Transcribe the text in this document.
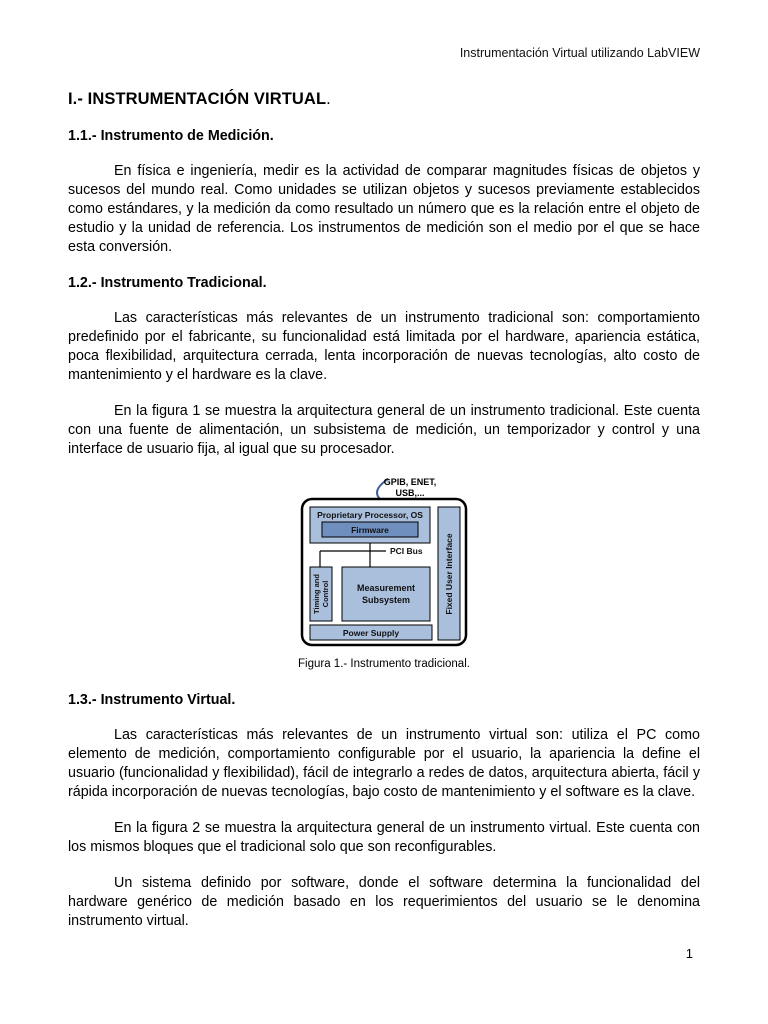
Instrumentación Virtual utilizando LabVIEW
I.- INSTRUMENTACIÓN VIRTUAL.
1.1.- Instrumento de Medición.

En física e ingeniería, medir es la actividad de comparar magnitudes físicas de objetos y sucesos del mundo real. Como unidades se utilizan objetos y sucesos previamente establecidos como estándares, y la medición da como resultado un número que es la relación entre el objeto de estudio y la unidad de referencia. Los instrumentos de medición son el medio por el que se hace esta conversión.

1.2.- Instrumento Tradicional.

Las características más relevantes de un instrumento tradicional son: comportamiento predefinido por el fabricante, su funcionalidad está limitada por el hardware, apariencia estática, poca flexibilidad, arquitectura cerrada, lenta incorporación de nuevas tecnologías, alto costo de mantenimiento y el hardware es la clave.

En la figura 1 se muestra la arquitectura general de un instrumento tradicional. Este cuenta con una fuente de alimentación, un subsistema de medición, un temporizador y control y una interface de usuario fija, al igual que su procesador.

GPIB, ENET,
USB,...
Proprietary Processor, OS
Firmware
PCI Bus
Timing and Control	Measurement
Subsystem
Power Supply
Fixed User Interface
Figura 1.- Instrumento tradicional.
1.3.- Instrumento Virtual.

Las características más relevantes de un instrumento virtual son: utiliza el PC como elemento de medición, comportamiento configurable por el usuario, la apariencia la define el usuario (funcionalidad y flexibilidad), fácil de integrarlo a redes de datos, arquitectura abierta, fácil y rápida incorporación de nuevas tecnologías, bajo costo de mantenimiento y el software es la clave.

En la figura 2 se muestra la arquitectura general de un instrumento virtual. Este cuenta con los mismos bloques que el tradicional solo que son reconfigurables.

Un sistema definido por software, donde el software determina la funcionalidad del hardware genérico de medición basado en los requerimientos del usuario se le denomina instrumento virtual.

1
